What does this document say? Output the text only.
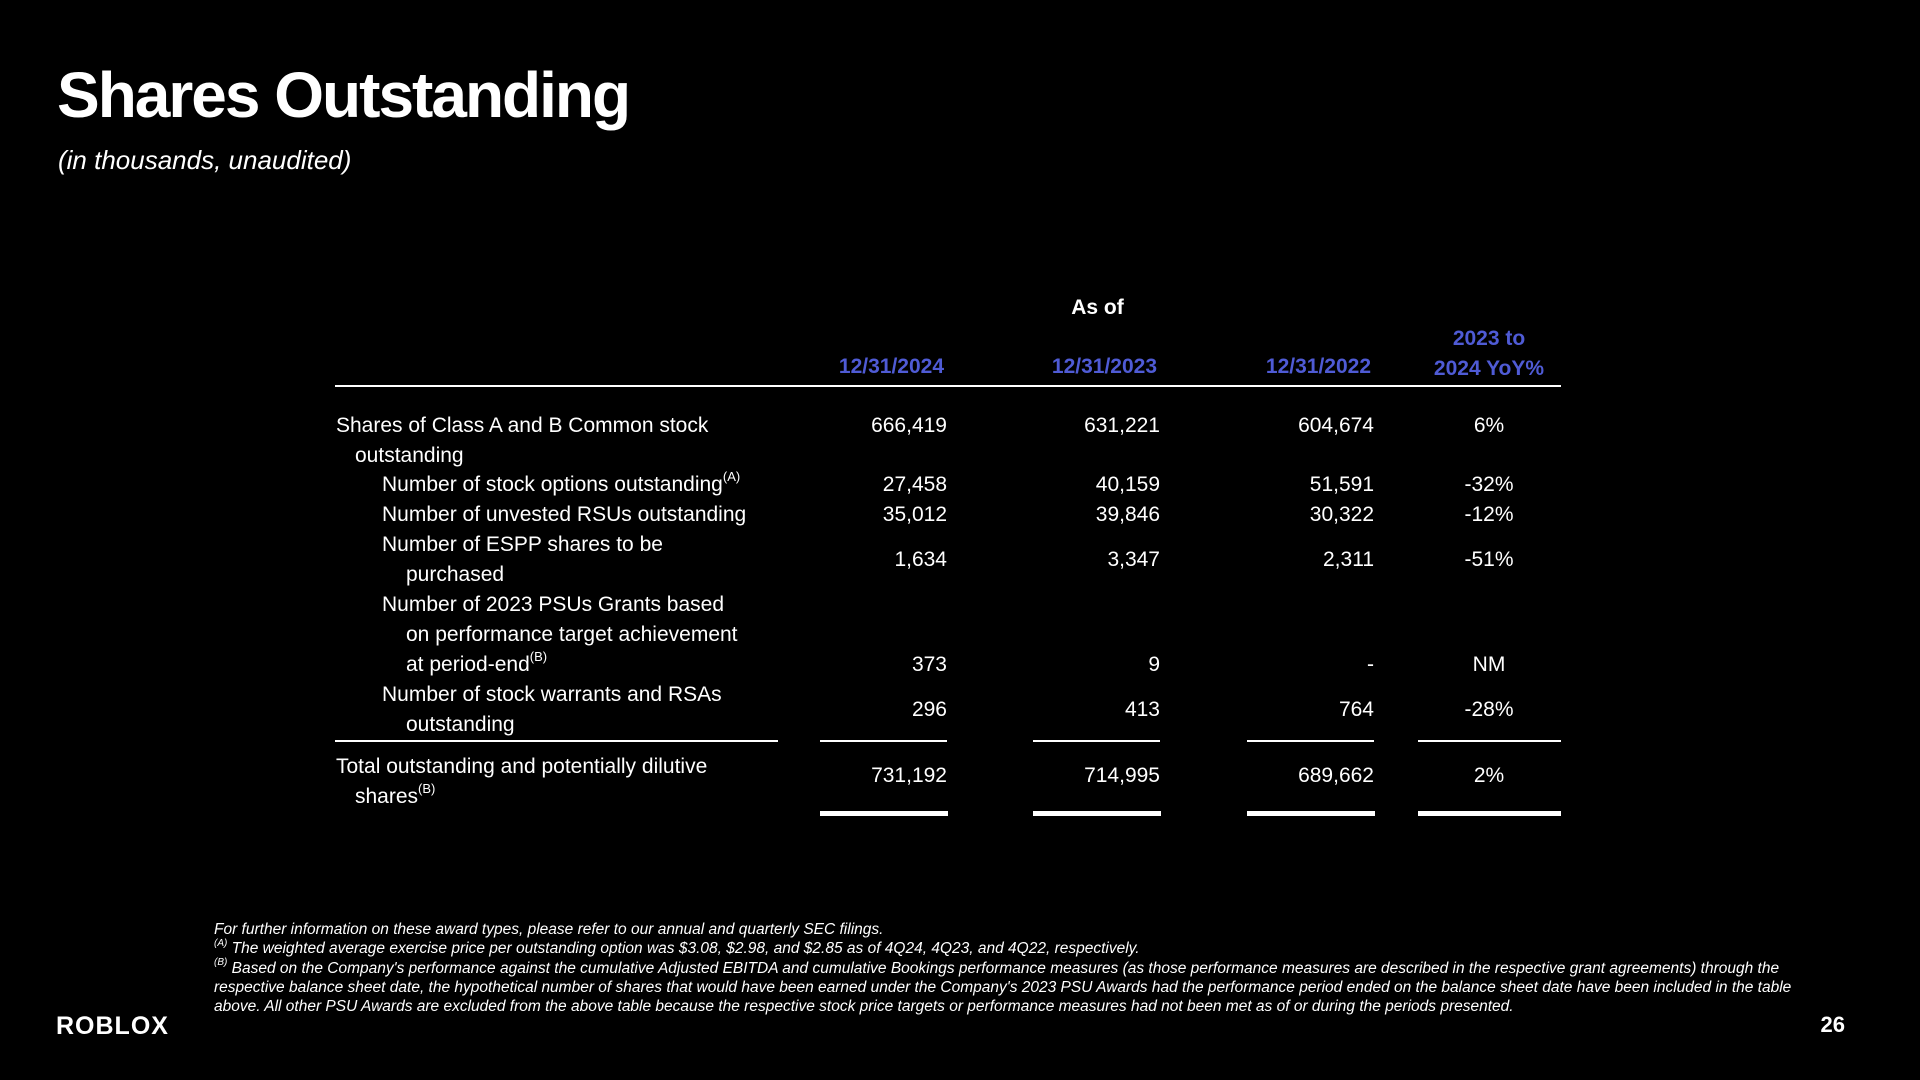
Shares Outstanding
(in thousands, unaudited)
As of
12/31/2024	12/31/2023	12/31/2022
2023 to
2024 YoY%
Shares of Class A and B Common stock
outstanding
666,419	631,221	604,674	6%
Number of stock options outstanding$^{(A)}$	27,458	40,159	51,591	-32%
Number of unvested RSUs outstanding	35,012	39,846	30,322	-12%
Number of ESPP shares to be
purchased
1,634	3,347	2,311	-51%
Number of 2023 PSUs Grants based
on performance target achievement
at period-end$^{(B)}$	373	9	-	NM
Number of stock warrants and RSAs
outstanding
296	413	764	-28%
Total outstanding and potentially dilutive
shares$^{(B)}$
731,192	714,995	689,662	2%
For further information on these award types, please refer to our annual and quarterly SEC filings.
$^{(A)}$ The weighted average exercise price per outstanding option was $3.08, $2.98, and $2.85 as of 4Q24, 4Q23, and 4Q22, respectively.
$^{(B)}$ Based on the Company's performance against the cumulative Adjusted EBITDA and cumulative Bookings performance measures (as those performance measures are described in the respective grant agreements) through the respective balance sheet date, the hypothetical number of shares that would have been earned under the Company's 2023 PSU Awards had the performance period ended on the balance sheet date have been included in the table above. All other PSU Awards are excluded from the above table because the respective stock price targets or performance measures had not been met as of or during the periods presented.
ROBLOX	26
